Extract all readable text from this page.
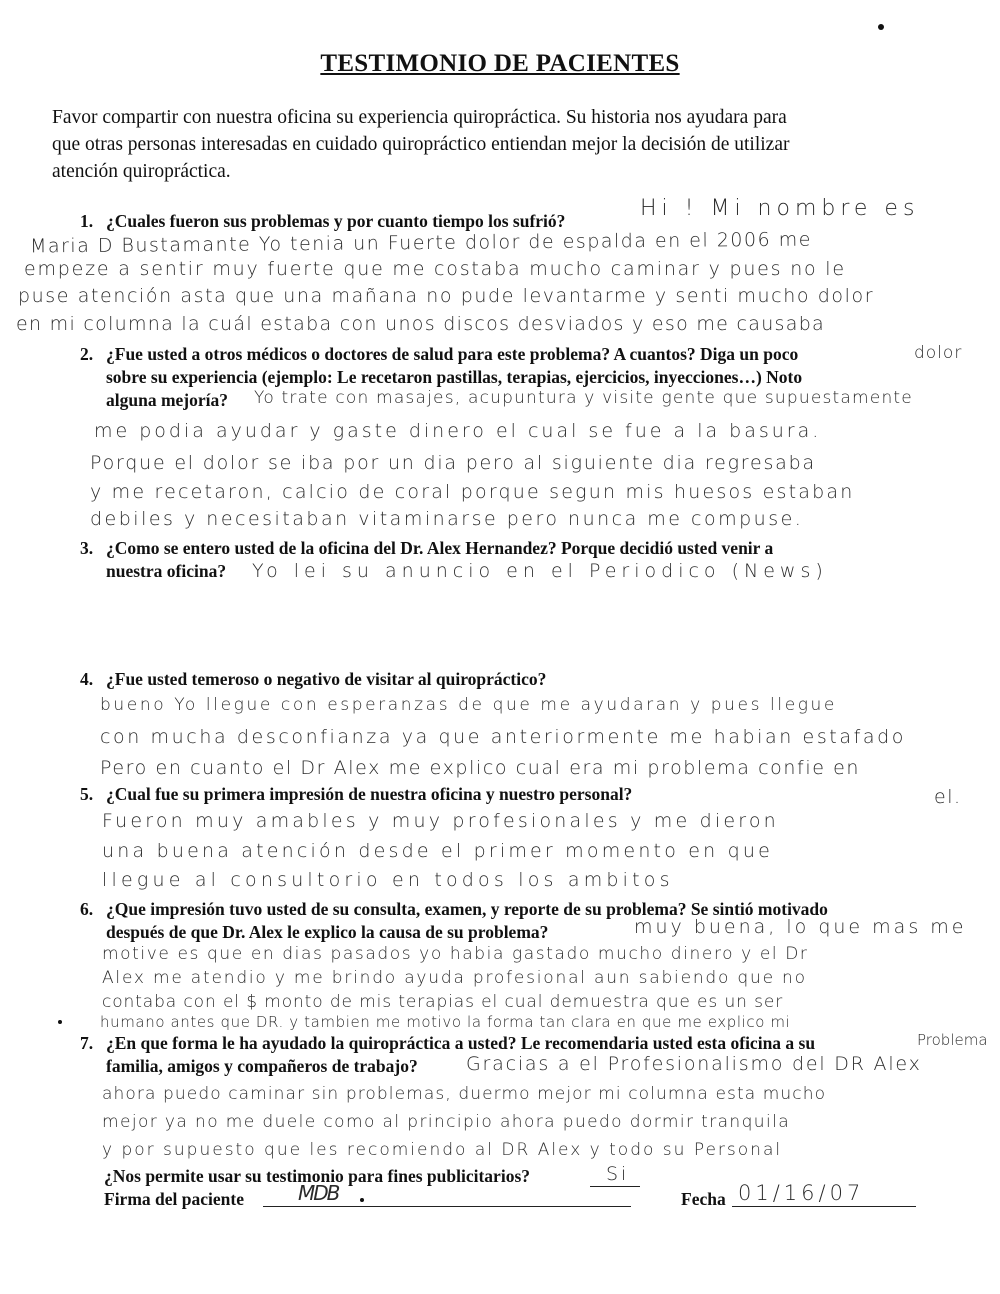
TESTIMONIO DE PACIENTES
Favor compartir con nuestra oficina su experiencia quiropráctica. Su historia nos ayudara para
que otras personas interesadas en cuidado quiropráctico entiendan mejor la decisión de utilizar
atención quiropráctica.
1. ¿Cuales fueron sus problemas y por cuanto tiempo los sufrió?	Hi ! Mi nombre es
Maria D Bustamante Yo tenia un Fuerte dolor de espalda en el 2006 me
empeze a sentir muy fuerte que me costaba mucho caminar y pues no le
puse atención asta que una mañana no pude levantarme y senti mucho dolor
en mi columna la cuál estaba con unos discos desviados y eso me causaba
dolor
2. ¿Fue usted a otros médicos o doctores de salud para este problema? A cuantos? Diga un poco
sobre su experiencia (ejemplo: Le recetaron pastillas, terapias, ejercicios, inyecciones…) Noto
alguna mejoría? Yo trate con masajes, acupuntura y visite gente que supuestamente
me podia ayudar y gaste dinero el cual se fue a la basura.
Porque el dolor se iba por un dia pero al siguiente dia regresaba
y me recetaron, calcio de coral porque segun mis huesos estaban
debiles y necesitaban vitaminarse pero nunca me compuse.
3. ¿Como se entero usted de la oficina del Dr. Alex Hernandez? Porque decidió usted venir a
nuestra oficina? Yo lei su anuncio en el Periodico (News)
4. ¿Fue usted temeroso o negativo de visitar al quiropráctico?
bueno Yo llegue con esperanzas de que me ayudaran y pues llegue
con mucha desconfianza ya que anteriormente me habian estafado
Pero en cuanto el Dr Alex me explico cual era mi problema confie en
el.
5. ¿Cual fue su primera impresión de nuestra oficina y nuestro personal?
Fueron muy amables y muy profesionales y me dieron
una buena atención desde el primer momento en que
llegue al consultorio en todos los ambitos
6. ¿Que impresión tuvo usted de su consulta, examen, y reporte de su problema? Se sintió motivado
después de que Dr. Alex le explico la causa de su problema?	muy buena, lo que mas me
motive es que en dias pasados yo habia gastado mucho dinero y el Dr
Alex me atendio y me brindo ayuda profesional aun sabiendo que no
contaba con el $ monto de mis terapias el cual demuestra que es un ser
humano antes que DR. y tambien me motivo la forma tan clara en que me explico mi
7. ¿En que forma le ha ayudado la quiropráctica a usted? Le recomendaria usted esta oficina a su
familia, amigos y compañeros de trabajo?
Problema
Gracias a el Profesionalismo del DR Alex
ahora puedo caminar sin problemas, duermo mejor mi columna esta mucho
mejor ya no me duele como al principio ahora puedo dormir tranquila
y por supuesto que les recomiendo al DR Alex y todo su Personal
¿Nos permite usar su testimonio para fines publicitarios?	Si
Firma del paciente	MDB	Fecha 01/16/07
